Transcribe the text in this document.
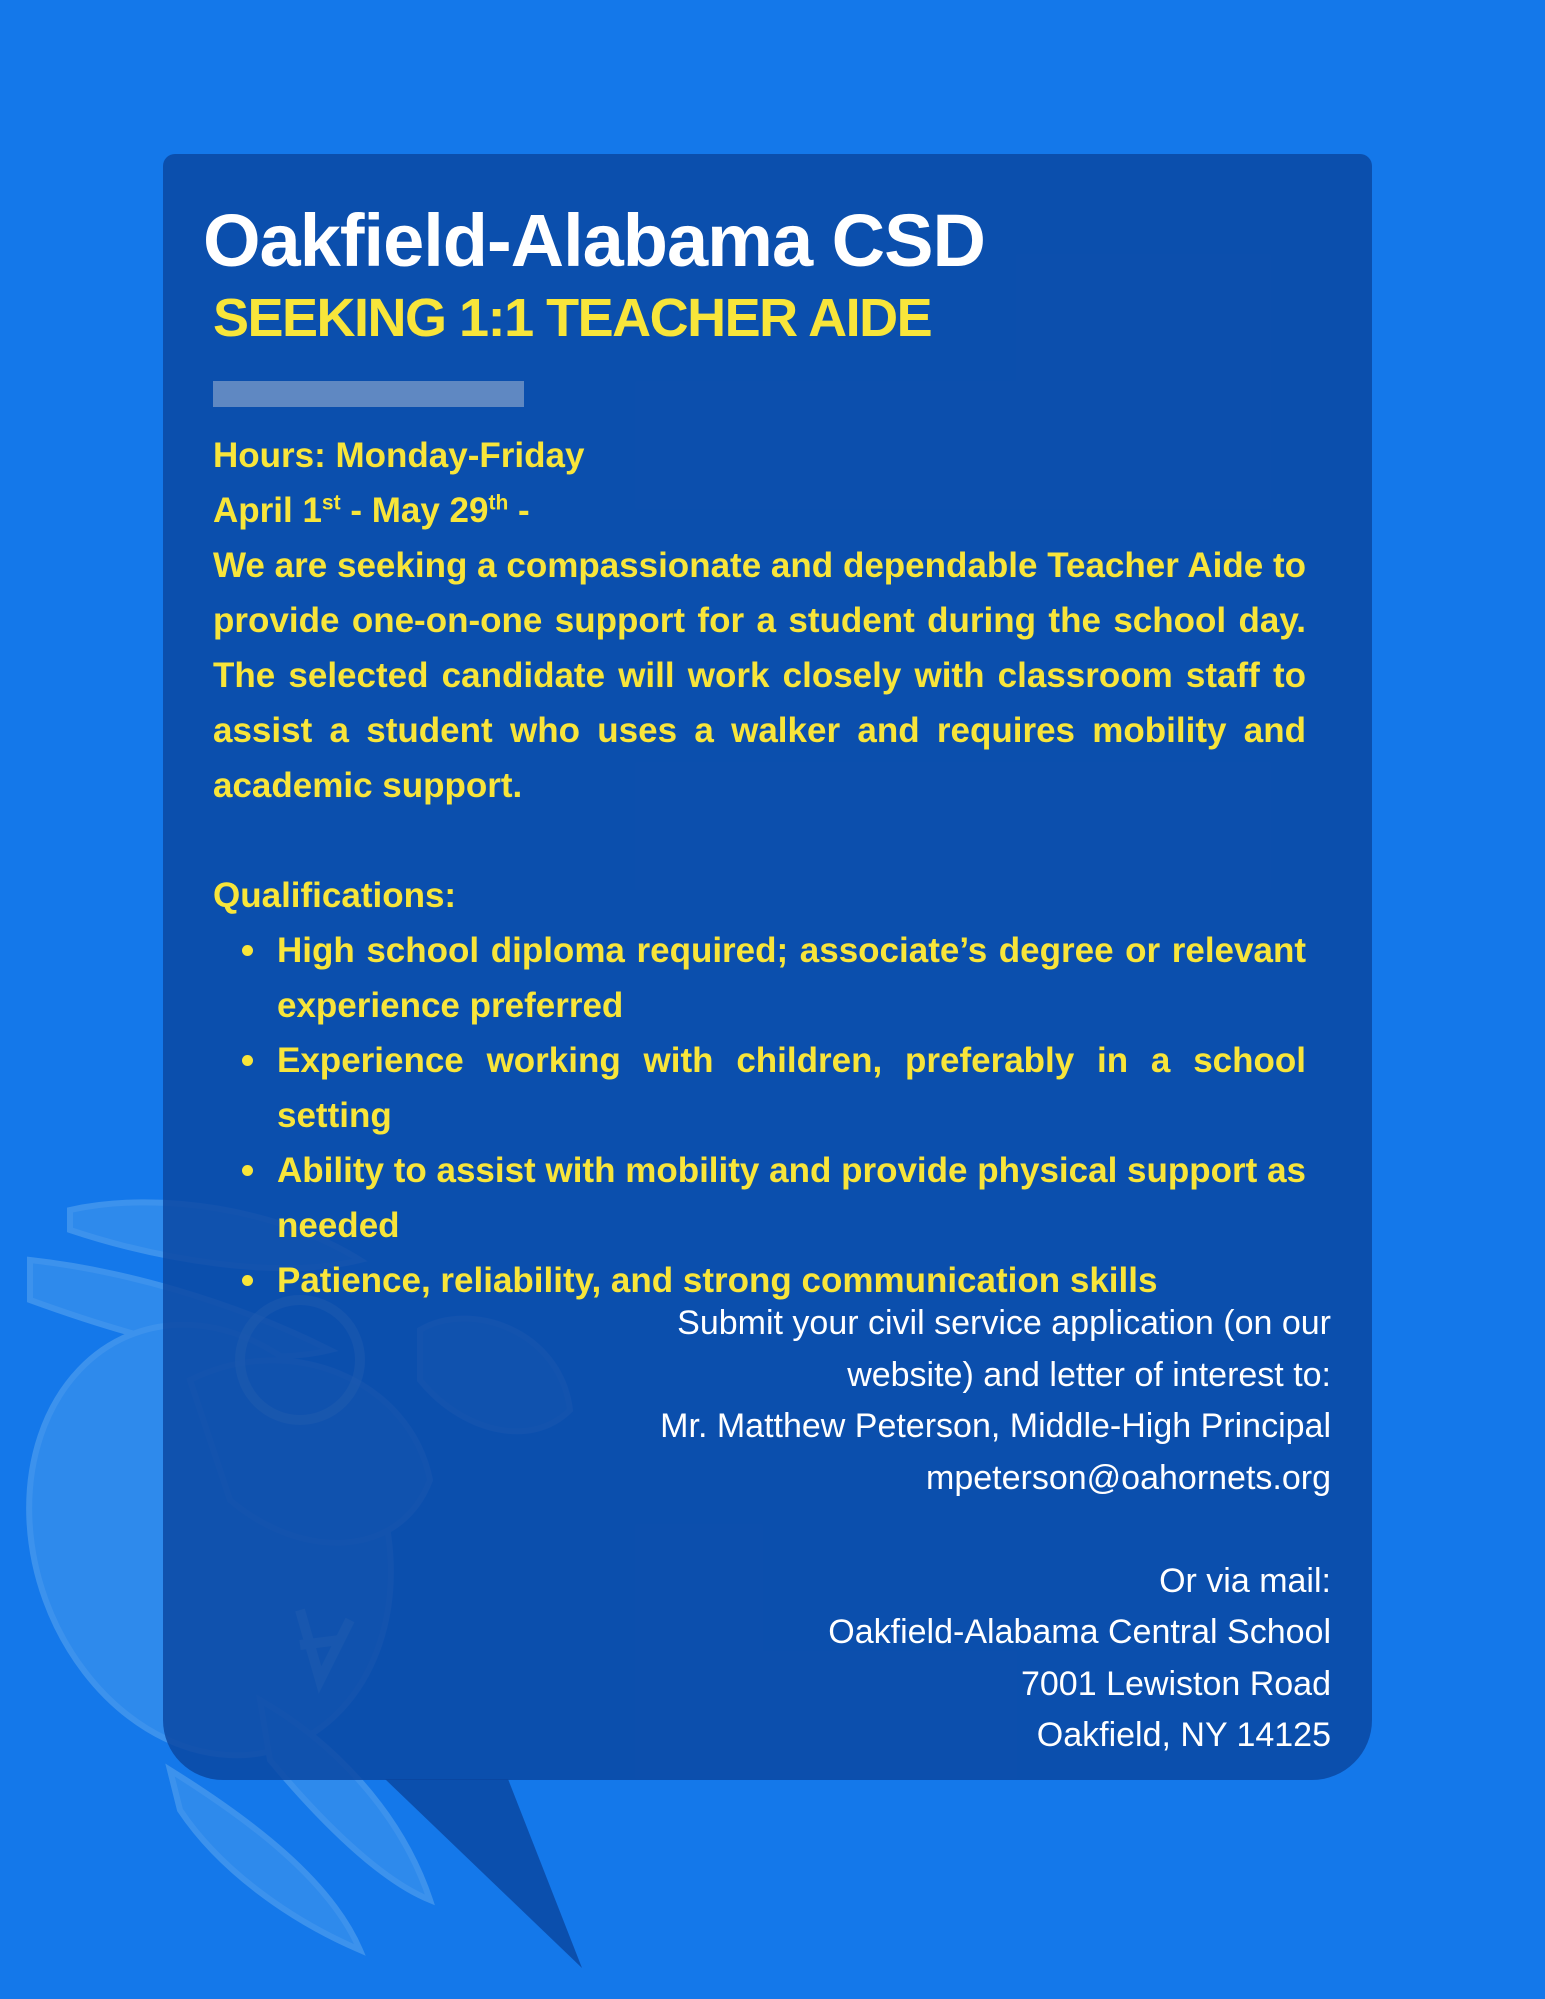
Oakfield-Alabama CSD
SEEKING 1:1 TEACHER AIDE

Hours: Monday-Friday

April 1st - May 29th -

We are seeking a compassionate and dependable Teacher Aide to provide one-on-one support for a student during the school day. The selected candidate will work closely with classroom staff to assist a student who uses a walker and requires mobility and academic support.

Qualifications:

High school diploma required; associate’s degree or relevant experience preferred
Experience working with children, preferably in a school setting
Ability to assist with mobility and provide physical support as needed
Patience, reliability, and strong communication skills

Submit your civil service application (on our

website) and letter of interest to:

Mr. Matthew Peterson, Middle-High Principal

mpeterson@oahornets.org

Or via mail:

Oakfield-Alabama Central School

7001 Lewiston Road

Oakfield, NY 14125
